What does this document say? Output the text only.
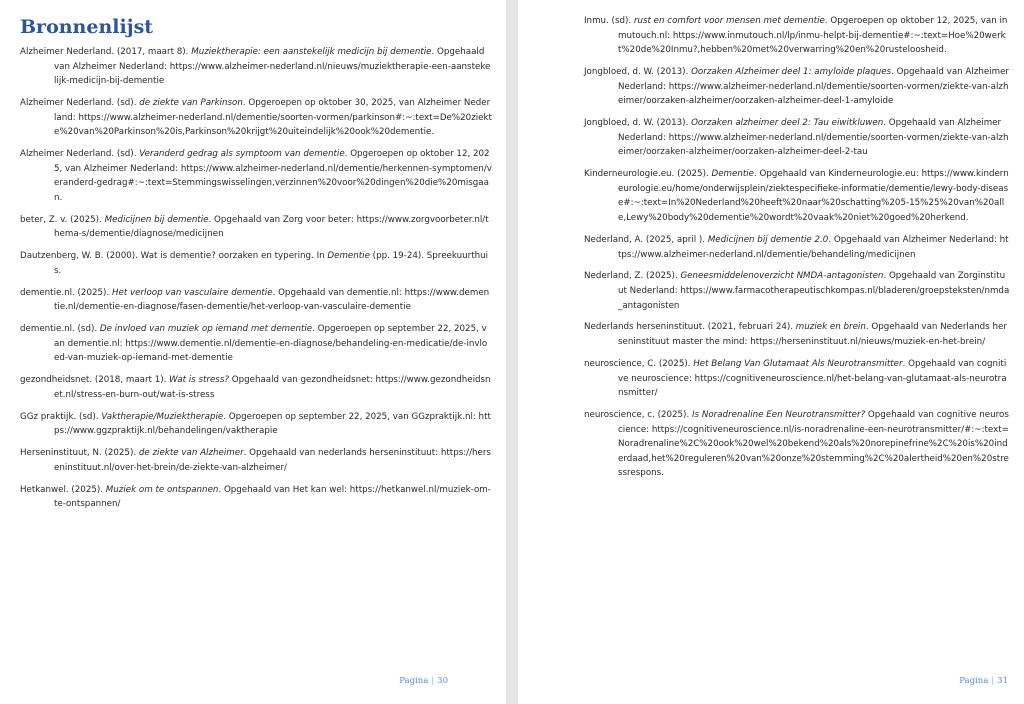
Bronnenlijst
Alzheimer Nederland. (2017, maart 8). Muziektherapie: een aanstekelijk medicijn bij dementie. Opgehaald van Alzheimer Nederland: https://www.alzheimer-nederland.nl/nieuws/muziektherapie-een-aanstekelijk-medicijn-bij-dementie
Alzheimer Nederland. (sd). de ziekte van Parkinson. Opgeroepen op oktober 30, 2025, van Alzheimer Nederland: https://www.alzheimer-nederland.nl/dementie/soorten-vormen/parkinson#:~:text=De%20ziekte%20van%20Parkinson%20is,Parkinson%20krijgt%20uiteindelijk%20ook%20dementie.
Alzheimer Nederland. (sd). Veranderd gedrag als symptoom van dementie. Opgeroepen op oktober 12, 2025, van Alzheimer Nederland: https://www.alzheimer-nederland.nl/dementie/herkennen-symptomen/veranderd-gedrag#:~:text=Stemmingswisselingen,verzinnen%20voor%20dingen%20die%20misgaan.
beter, Z. v. (2025). Medicijnen bij dementie. Opgehaald van Zorg voor beter: https://www.zorgvoorbeter.nl/thema-s/dementie/diagnose/medicijnen
Dautzenberg, W. B. (2000). Wat is dementie? oorzaken en typering. In Dementie (pp. 19-24). Spreekuurthuis.
dementie.nl. (2025). Het verloop van vasculaire dementie. Opgehaald van dementie.nl: https://www.dementie.nl/dementie-en-diagnose/fasen-dementie/het-verloop-van-vasculaire-dementie
dementie.nl. (sd). De invloed van muziek op iemand met dementie. Opgeroepen op september 22, 2025, van dementie.nl: https://www.dementie.nl/dementie-en-diagnose/behandeling-en-medicatie/de-invloed-van-muziek-op-iemand-met-dementie
gezondheidsnet. (2018, maart 1). Wat is stress? Opgehaald van gezondheidsnet: https://www.gezondheidsnet.nl/stress-en-burn-out/wat-is-stress
GGz praktijk. (sd). Vaktherapie/Muziektherapie. Opgeroepen op september 22, 2025, van GGzpraktijk.nl: https://www.ggzpraktijk.nl/behandelingen/vaktherapie
Herseninstituut, N. (2025). de ziekte van Alzheimer. Opgehaald van nederlands herseninstituut: https://herseninstituut.nl/over-het-brein/de-ziekte-van-alzheimer/
Hetkanwel. (2025). Muziek om te ontspannen. Opgehaald van Het kan wel: https://hetkanwel.nl/muziek-om-te-ontspannen/
Pagina | 30
Inmu. (sd). rust en comfort voor mensen met dementie. Opgeroepen op oktober 12, 2025, van inmutouch.nl: https://www.inmutouch.nl/lp/inmu-helpt-bij-dementie#:~:text=Hoe%20werkt%20de%20Inmu?,hebben%20met%20verwarring%20en%20rusteloosheid.
Jongbloed, d. W. (2013). Oorzaken Alzheimer deel 1: amyloide plaques. Opgehaald van Alzheimer Nederland: https://www.alzheimer-nederland.nl/dementie/soorten-vormen/ziekte-van-alzheimer/oorzaken-alzheimer/oorzaken-alzheimer-deel-1-amyloide
Jongbloed, d. W. (2013). Oorzaken alzheimer deel 2: Tau eiwitkluwen. Opgehaald van Alzheimer Nederland: https://www.alzheimer-nederland.nl/dementie/soorten-vormen/ziekte-van-alzheimer/oorzaken-alzheimer/oorzaken-alzheimer-deel-2-tau
Kinderneurologie.eu. (2025). Dementie. Opgehaald van Kinderneurologie.eu: https://www.kinderneurologie.eu/home/onderwijsplein/ziektespecifieke-informatie/dementie/lewy-body-disease#:~:text=In%20Nederland%20heeft%20naar%20schatting%205-15%25%20van%20alle,Lewy%20body%20dementie%20wordt%20vaak%20niet%20goed%20herkend.
Nederland, A. (2025, april ). Medicijnen bij dementie 2.0. Opgehaald van Alzheimer Nederland: https://www.alzheimer-nederland.nl/dementie/behandeling/medicijnen
Nederland, Z. (2025). Geneesmiddelenoverzicht NMDA-antagonisten. Opgehaald van Zorginstituut Nederland: https://www.farmacotherapeutischkompas.nl/bladeren/groepsteksten/nmda_antagonisten
Nederlands herseninstituut. (2021, februari 24). muziek en brein. Opgehaald van Nederlands herseninstituut master the mind: https://herseninstituut.nl/nieuws/muziek-en-het-brein/
neuroscience, C. (2025). Het Belang Van Glutamaat Als Neurotransmitter. Opgehaald van cognitive neuroscience: https://cognitiveneuroscience.nl/het-belang-van-glutamaat-als-neurotransmitter/
neuroscience, c. (2025). Is Noradrenaline Een Neurotransmitter? Opgehaald van cognitive neuroscience: https://cognitiveneuroscience.nl/is-noradrenaline-een-neurotransmitter/#:~:text=Noradrenaline%2C%20ook%20wel%20bekend%20als%20norepinefrine%2C%20is%20inderdaad,het%20reguleren%20van%20onze%20stemming%2C%20alertheid%20en%20stressrespons.
Pagina | 31
